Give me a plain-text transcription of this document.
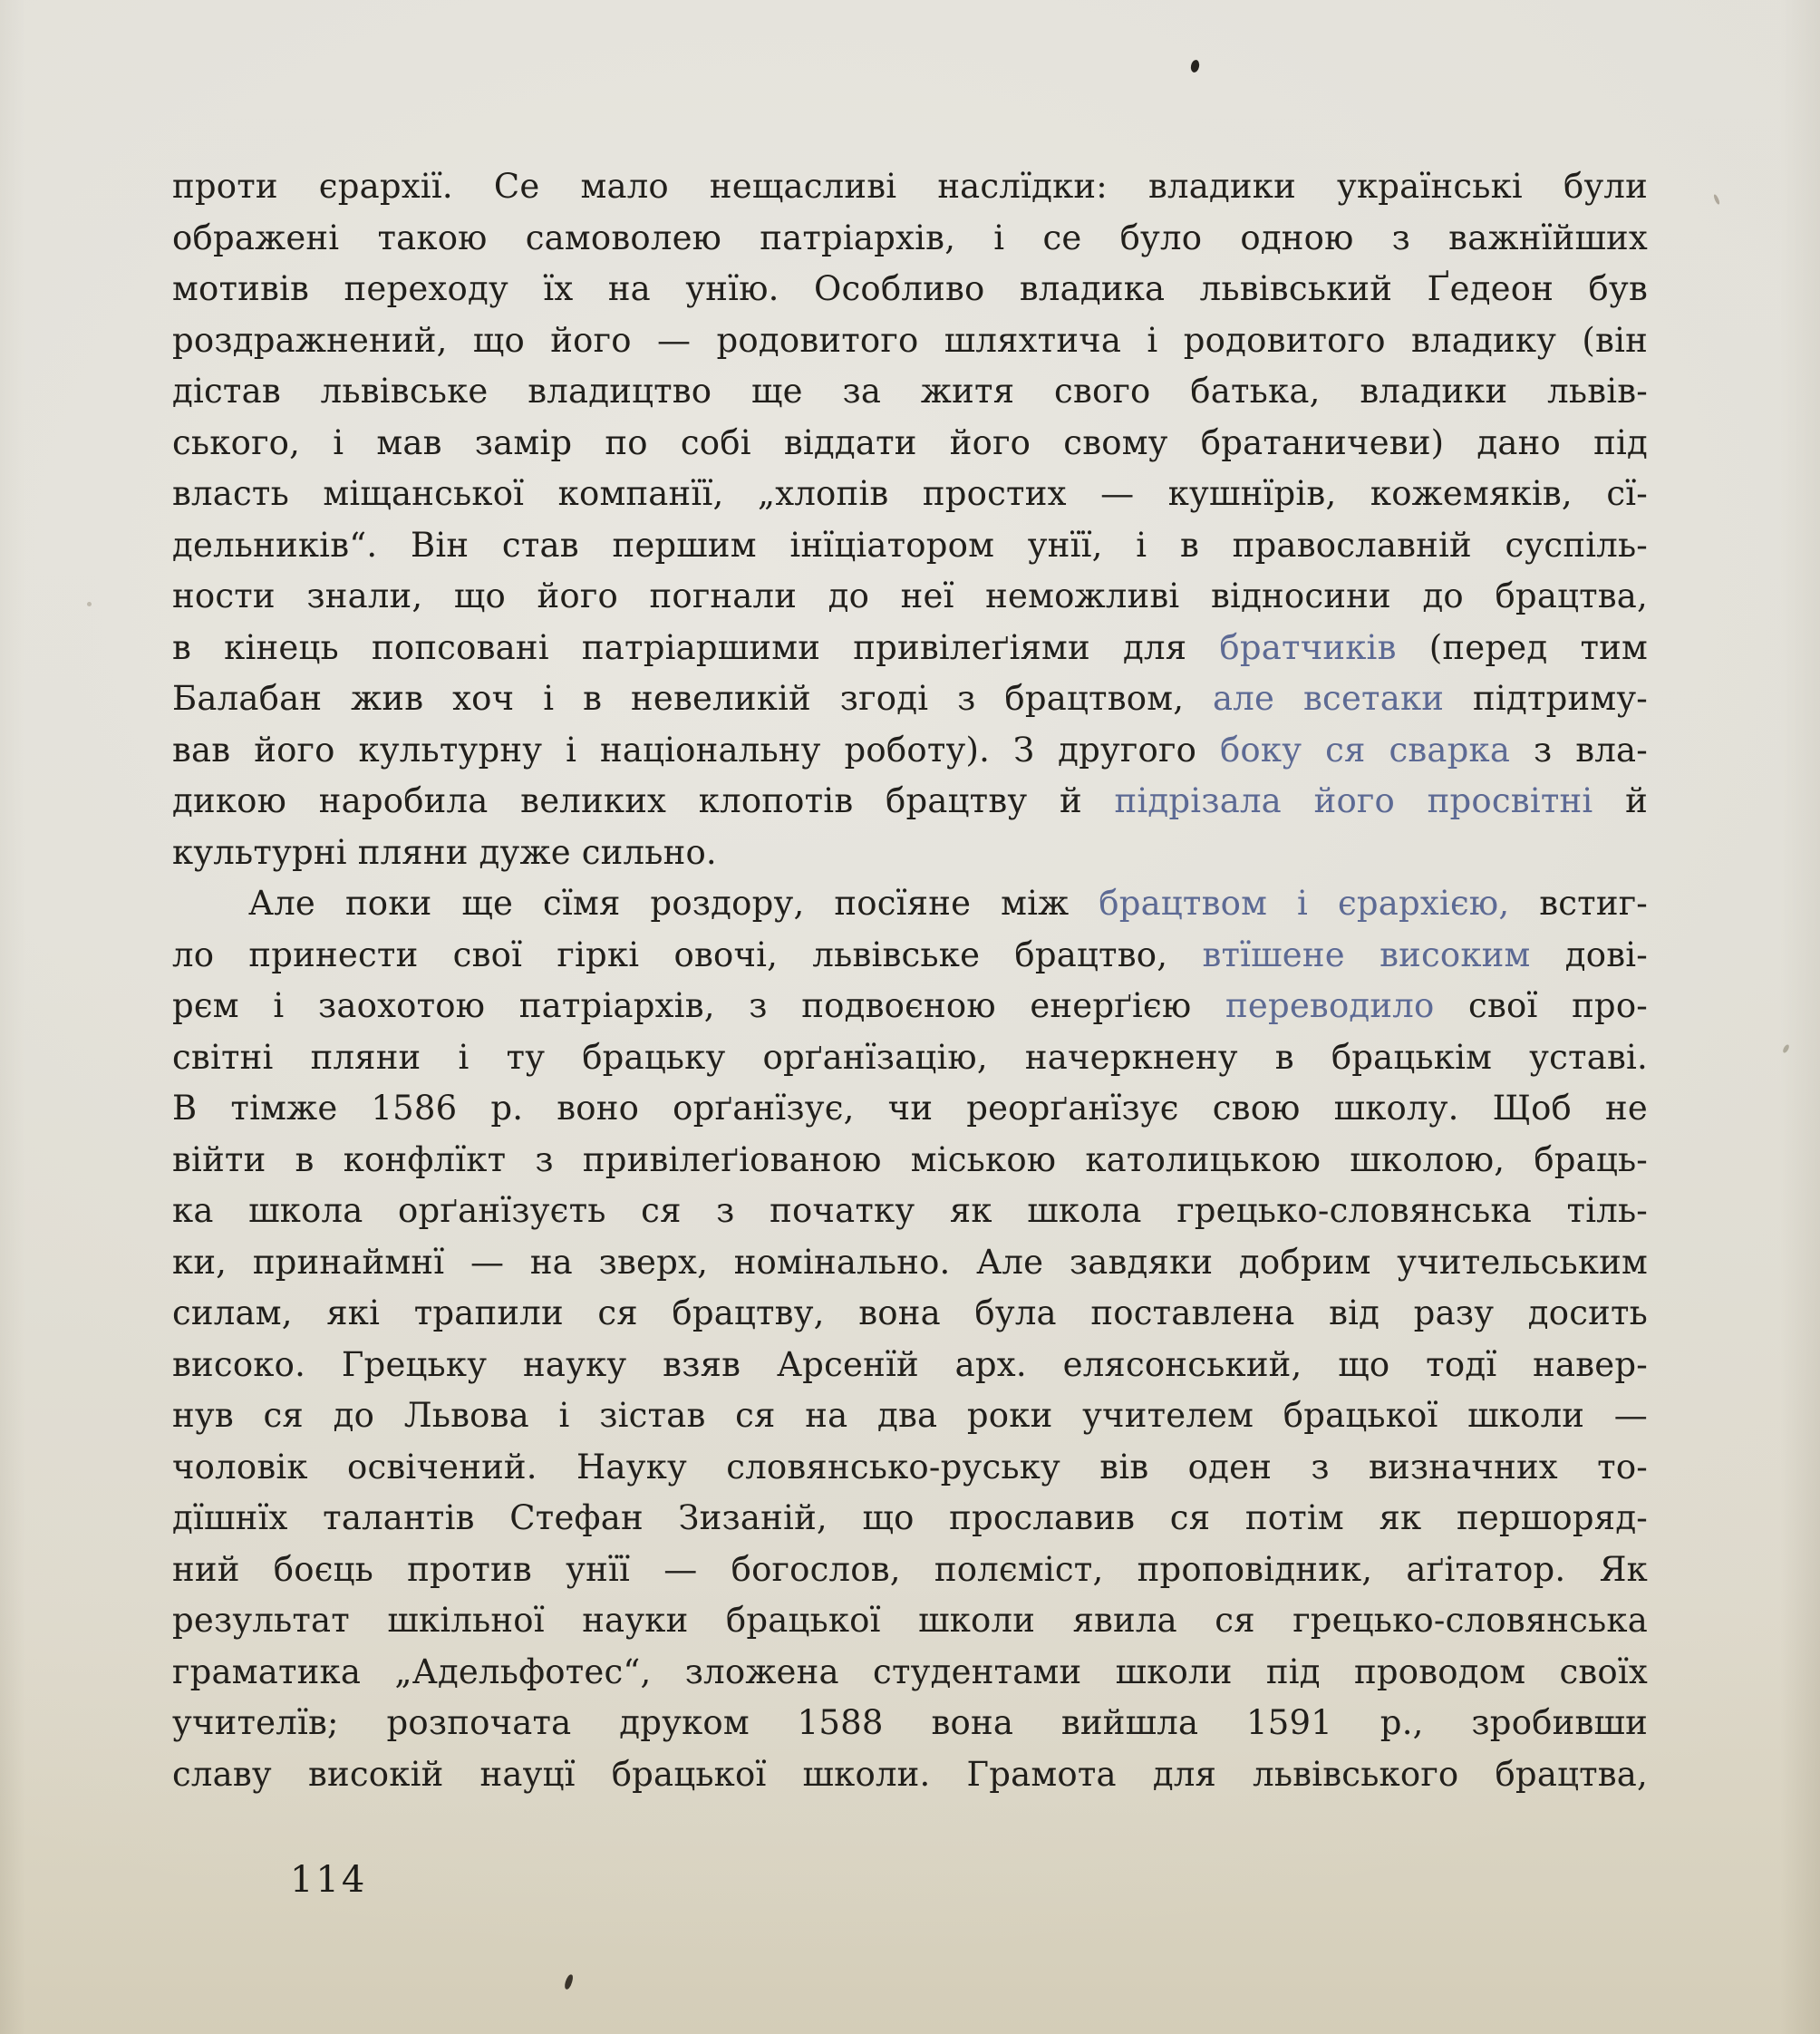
проти єрархії. Се мало нещасливі наслїдки: владики українські були
ображені такою самоволею патріархів, і се було одною з важнїйших
мотивів переходу їх на унїю. Особливо владика львівський Ґедеон був
роздражнений, що його — родовитого шляхтича і родовитого владику (він
дістав львівське владицтво ще за житя свого батька, владики львів-
ського, і мав замір по собі віддати його свому братаничеви) дано під
власть міщанської компанїї, „хлопів простих — кушнїрів, кожемяків, сї-
дельників“. Він став першим інїціатором унїї, і в православній суспіль-
ности знали, що його погнали до неї неможливі відносини до брацтва,
в кінець попсовані патріаршими привілеґіями для братчиків (перед тим
Балабан жив хоч і в невеликій згоді з брацтвом, але всетаки підтриму-
вав його культурну і національну роботу). З другого боку ся сварка з вла-
дикою наробила великих клопотів брацтву й підрізала його просвітні й
культурні пляни дуже сильно.
Але поки ще сїмя роздору, посїяне між брацтвом і єрархією, встиг-
ло принести свої гіркі овочі, львівське брацтво, втїшене високим дові-
рєм і заохотою патріархів, з подвоєною енерґією переводило свої про-
світні пляни і ту брацьку орґанїзацію, начеркнену в брацькім уставі.
В тімже 1586 р. воно орґанїзує, чи реорґанїзує свою школу. Щоб не
війти в конфлїкт з привілеґіованою міською католицькою школою, браць-
ка школа орґанїзуєть ся з початку як школа грецько-словянська тіль-
ки, принаймнї — на зверх, номінально. Але завдяки добрим учительським
силам, які трапили ся брацтву, вона була поставлена від разу досить
високо. Грецьку науку взяв Арсенїй арх. елясонський, що тодї навер-
нув ся до Львова і зістав ся на два роки учителем брацької школи —
чоловік освічений. Науку словянсько-руську вів оден з визначних то-
дїшнїх талантів Стефан Зизаній, що прославив ся потім як першоряд-
ний боєць против унїї — богослов, полєміст, проповідник, аґітатор. Як
результат шкільної науки брацької школи явила ся грецько-словянська
граматика „Адельфотес“, зложена студентами школи під проводом своїх
учителїв; розпочата друком 1588 вона вийшла 1591 р., зробивши
славу високій науцї брацької школи. Грамота для львівського брацтва,
114
